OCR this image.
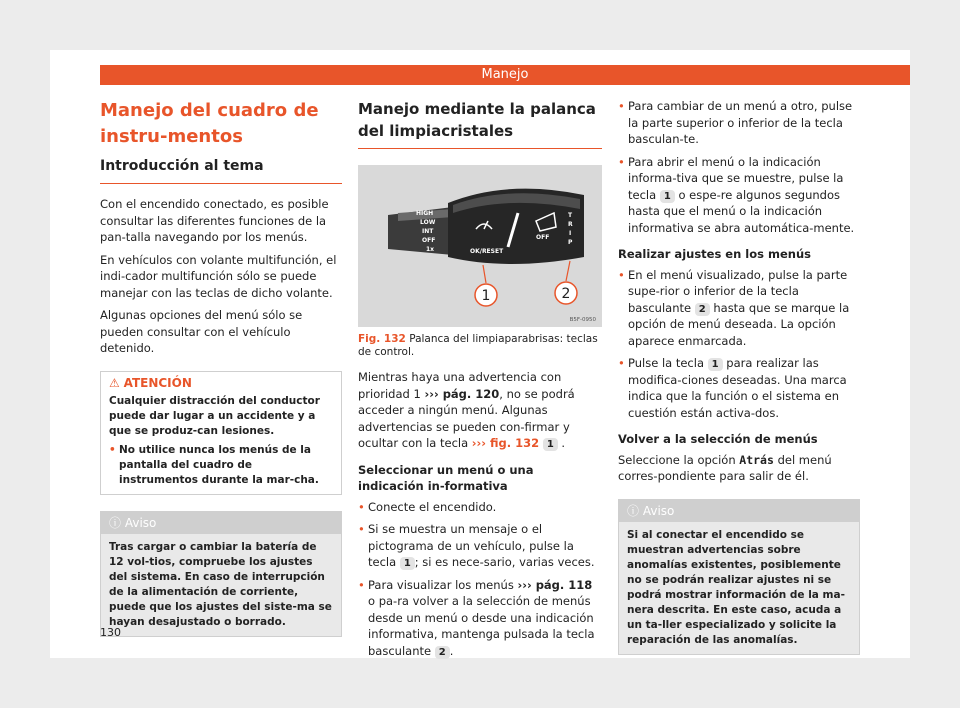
Manejo
Manejo del cuadro de instru-mentos
Introducción al tema

Con el encendido conectado, es posible consultar las diferentes funciones de la pan-talla navegando por los menús.

En vehículos con volante multifunción, el indi-cador multifunción sólo se puede manejar con las teclas de dicho volante.

Algunas opciones del menú sólo se pueden consultar con el vehículo detenido.

⚠ ATENCIÓN
Cualquier distracción del conductor puede dar lugar a un accidente y a que se produz-can lesiones.
• No utilice nunca los menús de la pantalla del cuadro de instrumentos durante la mar-cha.
ⓘ Aviso
Tras cargar o cambiar la batería de 12 vol-tios, compruebe los ajustes del sistema. En caso de interrupción de la alimentación de corriente, puede que los ajustes del siste-ma se hayan desajustado o borrado.
Manejo mediante la palanca del limpiacristales
HIGH
LOW
INT
OFF
1x	OK/RESET
OFF
T
R
I
P
1	2
B5F-0950
Fig. 132 Palanca del limpiaparabrisas: teclas de control.

Mientras haya una advertencia con prioridad 1 ››› pág. 120, no se podrá acceder a ningún menú. Algunas advertencias se pueden con-firmar y ocultar con la tecla ››› fig. 132 1 .

Seleccionar un menú o una indicación in-formativa
• Conecte el encendido.
• Si se muestra un mensaje o el pictograma de un vehículo, pulse la tecla 1 ; si es nece-sario, varias veces.
• Para visualizar los menús ››› pág. 118 o pa-ra volver a la selección de menús desde un menú o desde una indicación informativa, mantenga pulsada la tecla basculante 2 .
• Para cambiar de un menú a otro, pulse la parte superior o inferior de la tecla basculan-te.
• Para abrir el menú o la indicación informa-tiva que se muestre, pulse la tecla 1 o espe-re algunos segundos hasta que el menú o la indicación informativa se abra automática-mente.
Realizar ajustes en los menús
• En el menú visualizado, pulse la parte supe-rior o inferior de la tecla basculante 2 hasta que se marque la opción de menú deseada. La opción aparece enmarcada.
• Pulse la tecla 1 para realizar las modifica-ciones deseadas. Una marca indica que la función o el sistema en cuestión están activa-dos.
Volver a la selección de menús

Seleccione la opción Atrás del menú corres-pondiente para salir de él.

ⓘ Aviso
Si al conectar el encendido se muestran advertencias sobre anomalías existentes, posiblemente no se podrán realizar ajustes ni se podrá mostrar información de la ma-nera descrita. En este caso, acuda a un ta-ller especializado y solicite la reparación de las anomalías.
130
